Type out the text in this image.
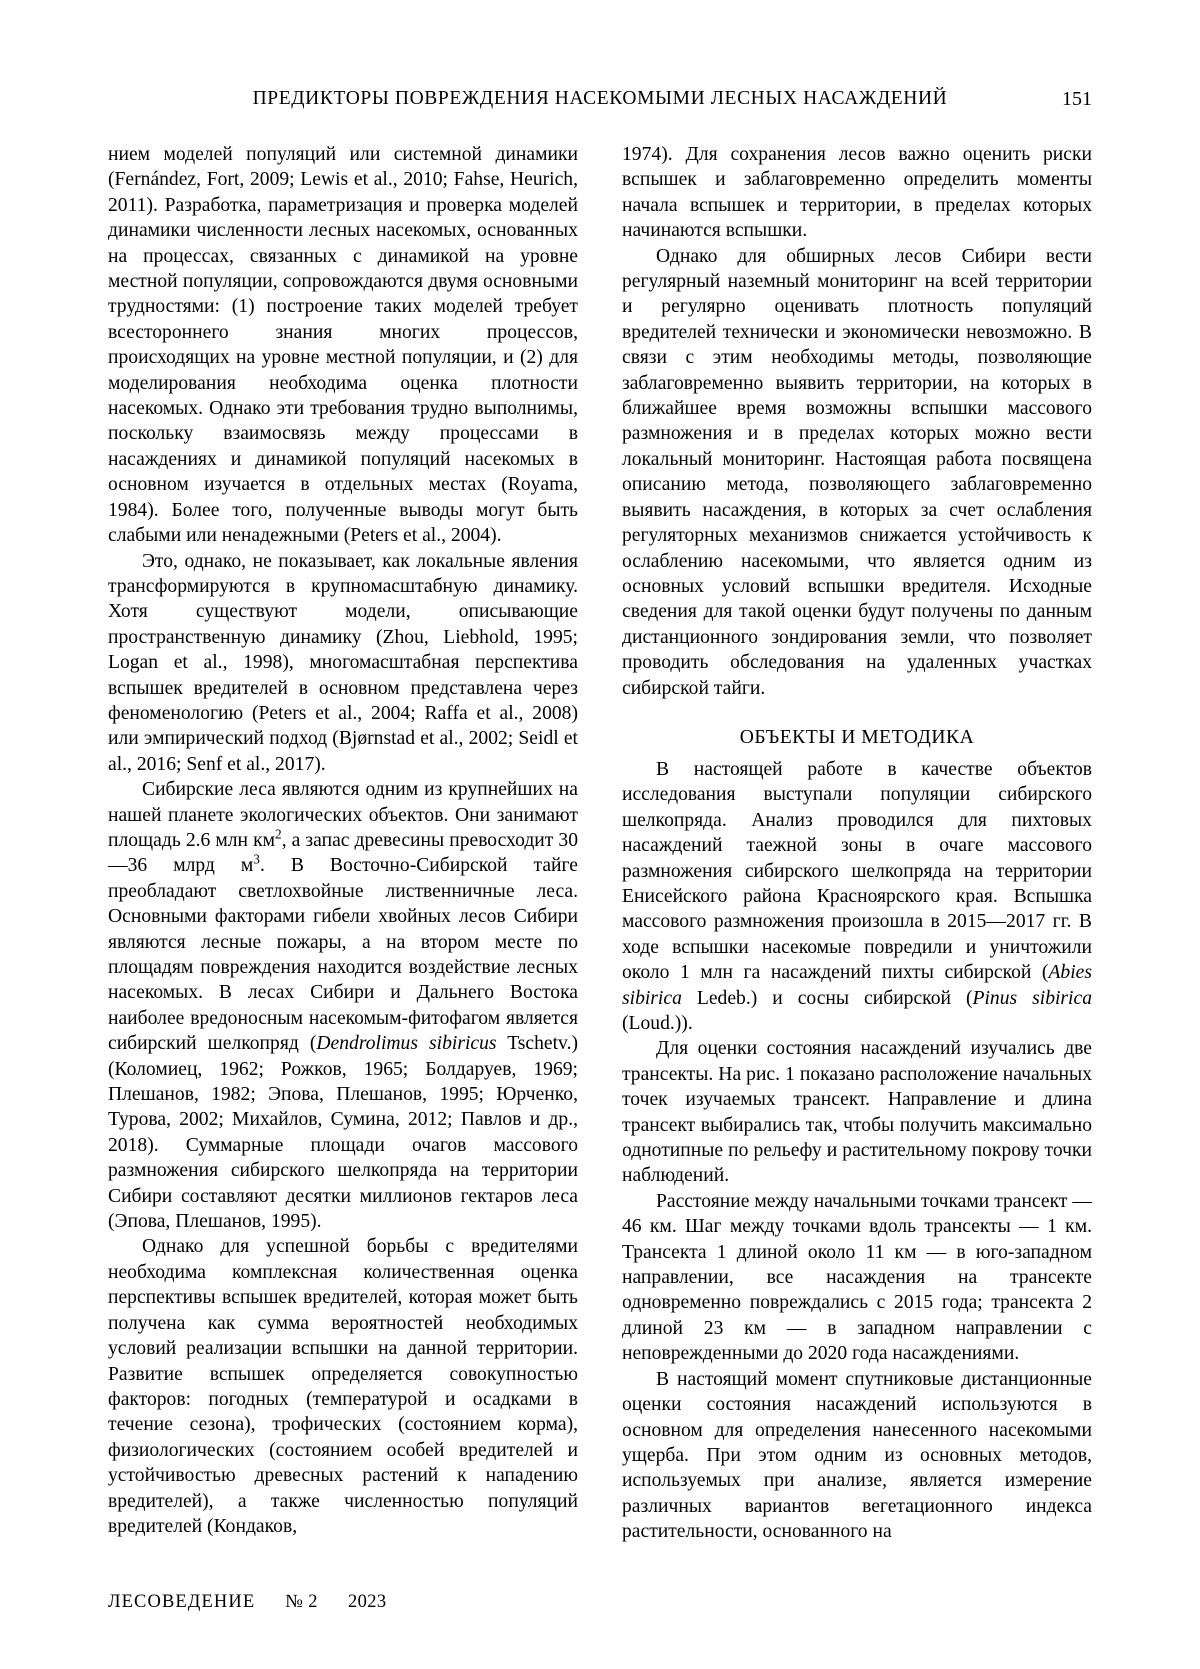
ПРЕДИКТОРЫ ПОВРЕЖДЕНИЯ НАСЕКОМЫМИ ЛЕСНЫХ НАСАЖДЕНИЙ	151

нием моделей популяций или системной динамики (Fernández, Fort, 2009; Lewis et al., 2010; Fahse, Heurich, 2011). Разработка, параметризация и проверка моделей динамики численности лесных насекомых, основанных на процессах, связанных с динамикой на уровне местной популяции, сопровождаются двумя основными трудностями: (1) построение таких моделей требует всестороннего знания многих процессов, происходящих на уровне местной популяции, и (2) для моделирования необходима оценка плотности насекомых. Однако эти требования трудно выполнимы, поскольку взаимосвязь между процессами в насаждениях и динамикой популяций насекомых в основном изучается в отдельных местах (Royama, 1984). Более того, полученные выводы могут быть слабыми или ненадежными (Peters et al., 2004).

Это, однако, не показывает, как локальные явления трансформируются в крупномасштабную динамику. Хотя существуют модели, описывающие пространственную динамику (Zhou, Liebhold, 1995; Logan et al., 1998), многомасштабная перспектива вспышек вредителей в основном представлена через феноменологию (Peters et al., 2004; Raffa et al., 2008) или эмпирический подход (Bjørnstad et al., 2002; Seidl et al., 2016; Senf et al., 2017).

Сибирские леса являются одним из крупнейших на нашей планете экологических объектов. Они занимают площадь 2.6 млн $км^2$, а запас древесины превосходит 30—36 млрд $м^3$. В Восточно-Сибирской тайге преобладают светлохвойные лиственничные леса. Основными факторами гибели хвойных лесов Сибири являются лесные пожары, а на втором месте по площадям повреждения находится воздействие лесных насекомых. В лесах Сибири и Дальнего Востока наиболее вредоносным насекомым-фитофагом является сибирский шелкопряд (Dendrolimus sibiricus Tschetv.) (Коломиец, 1962; Рожков, 1965; Болдаруев, 1969; Плешанов, 1982; Эпова, Плешанов, 1995; Юрченко, Турова, 2002; Михайлов, Сумина, 2012; Павлов и др., 2018). Суммарные площади очагов массового размножения сибирского шелкопряда на территории Сибири составляют десятки миллионов гектаров леса (Эпова, Плешанов, 1995).

Однако для успешной борьбы с вредителями необходима комплексная количественная оценка перспективы вспышек вредителей, которая может быть получена как сумма вероятностей необходимых условий реализации вспышки на данной территории. Развитие вспышек определяется совокупностью факторов: погодных (температурой и осадками в течение сезона), трофических (состоянием корма), физиологических (состоянием особей вредителей и устойчивостью древесных растений к нападению вредителей), а также численностью популяций вредителей (Кондаков,

1974). Для сохранения лесов важно оценить риски вспышек и заблаговременно определить моменты начала вспышек и территории, в пределах которых начинаются вспышки.

Однако для обширных лесов Сибири вести регулярный наземный мониторинг на всей территории и регулярно оценивать плотность популяций вредителей технически и экономически невозможно. В связи с этим необходимы методы, позволяющие заблаговременно выявить территории, на которых в ближайшее время возможны вспышки массового размножения и в пределах которых можно вести локальный мониторинг. Настоящая работа посвящена описанию метода, позволяющего заблаговременно выявить насаждения, в которых за счет ослабления регуляторных механизмов снижается устойчивость к ослаблению насекомыми, что является одним из основных условий вспышки вредителя. Исходные сведения для такой оценки будут получены по данным дистанционного зондирования земли, что позволяет проводить обследования на удаленных участках сибирской тайги.

ОБЪЕКТЫ И МЕТОДИКА

В настоящей работе в качестве объектов исследования выступали популяции сибирского шелкопряда. Анализ проводился для пихтовых насаждений таежной зоны в очаге массового размножения сибирского шелкопряда на территории Енисейского района Красноярского края. Вспышка массового размножения произошла в 2015—2017 гг. В ходе вспышки насекомые повредили и уничтожили около 1 млн га насаждений пихты сибирской (Abies sibirica Ledeb.) и сосны сибирской (Pinus sibirica (Loud.)).

Для оценки состояния насаждений изучались две трансекты. На рис. 1 показано расположение начальных точек изучаемых трансект. Направление и длина трансект выбирались так, чтобы получить максимально однотипные по рельефу и растительному покрову точки наблюдений.

Расстояние между начальными точками трансект — 46 км. Шаг между точками вдоль трансекты — 1 км. Трансекта 1 длиной около 11 км — в юго-западном направлении, все насаждения на трансекте одновременно повреждались с 2015 года; трансекта 2 длиной 23 км — в западном направлении с неповрежденными до 2020 года насаждениями.

В настоящий момент спутниковые дистанционные оценки состояния насаждений используются в основном для определения нанесенного насекомыми ущерба. При этом одним из основных методов, используемых при анализе, является измерение различных вариантов вегетационного индекса растительности, основанного на

ЛЕСОВЕДЕНИЕ № 2 2023
